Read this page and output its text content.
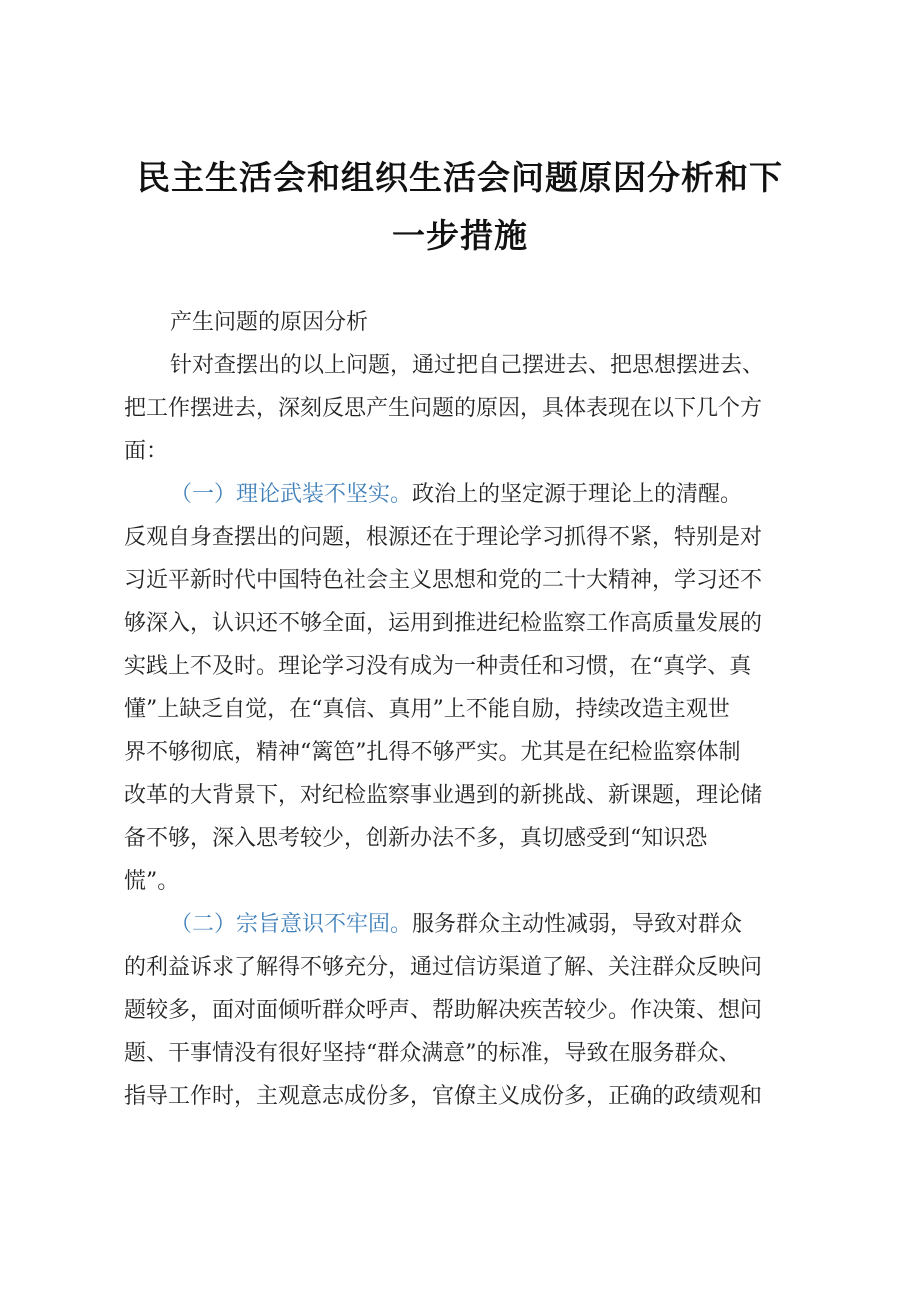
民主生活会和组织生活会问题原因分析和下
一步措施

产生问题的原因分析

针对查摆出的以上问题，通过把自己摆进去、把思想摆进去、

把工作摆进去，深刻反思产生问题的原因，具体表现在以下几个方

面：

（一）理论武装不坚实。政治上的坚定源于理论上的清醒。

反观自身查摆出的问题，根源还在于理论学习抓得不紧，特别是对

习近平新时代中国特色社会主义思想和党的二十大精神，学习还不

够深入，认识还不够全面，运用到推进纪检监察工作高质量发展的

实践上不及时。理论学习没有成为一种责任和习惯，在“真学、真

懂”上缺乏自觉，在“真信、真用”上不能自励，持续改造主观世

界不够彻底，精神“篱笆”扎得不够严实。尤其是在纪检监察体制

改革的大背景下，对纪检监察事业遇到的新挑战、新课题，理论储

备不够，深入思考较少，创新办法不多，真切感受到“知识恐

慌”。

（二）宗旨意识不牢固。服务群众主动性减弱，导致对群众

的利益诉求了解得不够充分，通过信访渠道了解、关注群众反映问

题较多，面对面倾听群众呼声、帮助解决疾苦较少。作决策、想问

题、干事情没有很好坚持“群众满意”的标准，导致在服务群众、

指导工作时，主观意志成份多，官僚主义成份多，正确的政绩观和
